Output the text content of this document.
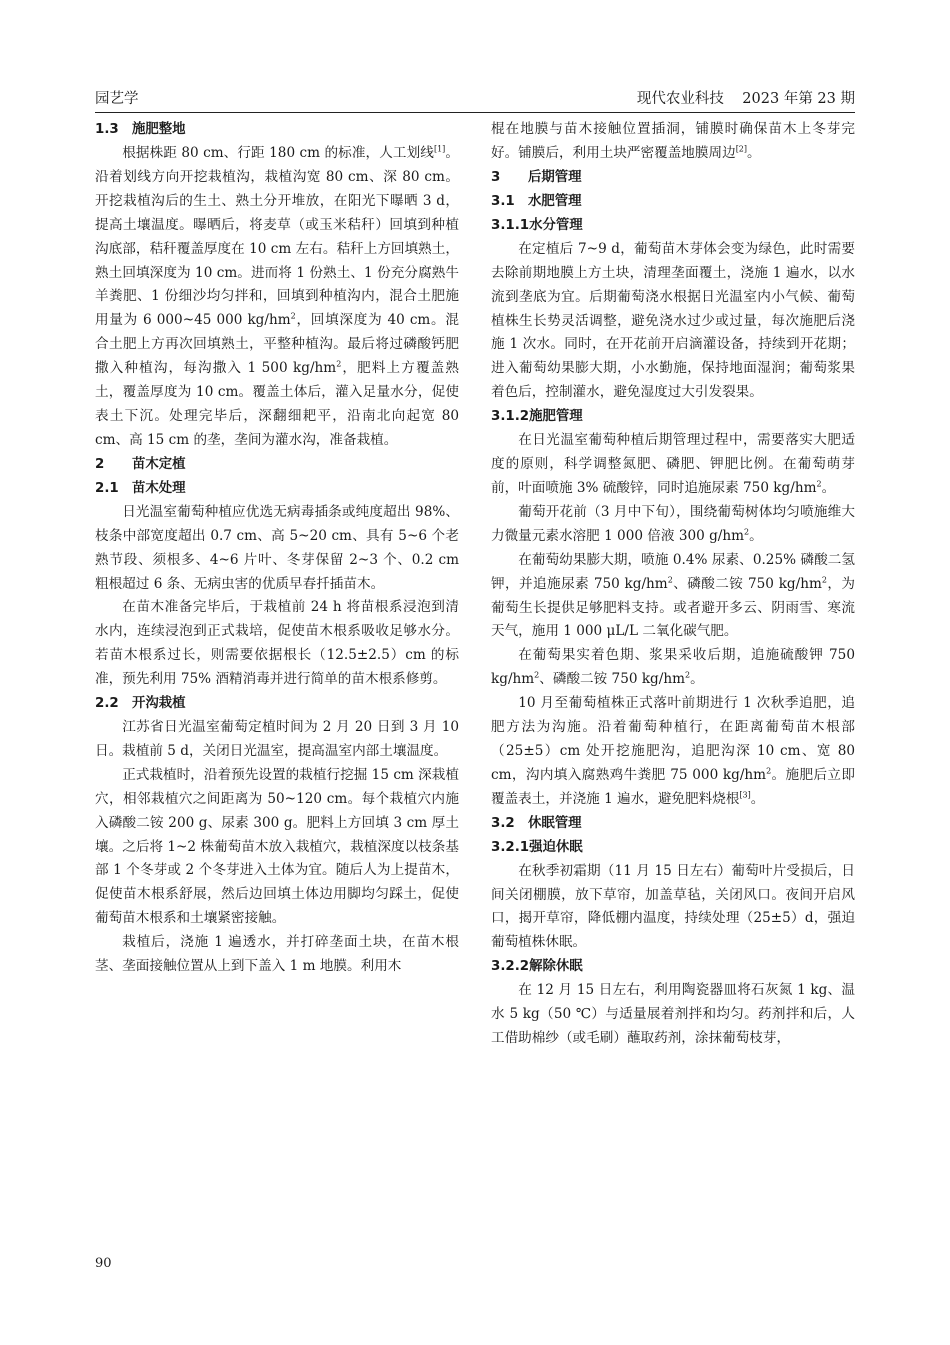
园艺学	现代农业科技    2023 年第 23 期
1.3 施肥整地

根据株距 80 cm、行距 180 cm 的标准，人工划线[1]。沿着划线方向开挖栽植沟，栽植沟宽 80 cm、深 80 cm。开挖栽植沟后的生土、熟土分开堆放，在阳光下曝晒 3 d，提高土壤温度。曝晒后，将麦草（或玉米秸秆）回填到种植沟底部，秸秆覆盖厚度在 10 cm 左右。秸秆上方回填熟土，熟土回填深度为 10 cm。进而将 1 份熟土、1 份充分腐熟牛羊粪肥、1 份细沙均匀拌和，回填到种植沟内，混合土肥施用量为 6 000~45 000 $kg/hm^2$，回填深度为 40 cm。混合土肥上方再次回填熟土，平整种植沟。最后将过磷酸钙肥撒入种植沟，每沟撒入 1 500 $kg/hm^2$，肥料上方覆盖熟土，覆盖厚度为 10 cm。覆盖土体后，灌入足量水分，促使表土下沉。处理完毕后，深翻细耙平，沿南北向起宽 80 cm、高 15 cm 的垄，垄间为灌水沟，准备栽植。

2 苗木定植
2.1 苗木处理

日光温室葡萄种植应优选无病毒插条或纯度超出 98%、枝条中部宽度超出 0.7 cm、高 5~20 cm、具有 5~6 个老熟节段、须根多、4~6 片叶、冬芽保留 2~3 个、0.2 cm 粗根超过 6 条、无病虫害的优质早春扦插苗木。

在苗木准备完毕后，于栽植前 24 h 将苗根系浸泡到清水内，连续浸泡到正式栽培，促使苗木根系吸收足够水分。若苗木根系过长，则需要依据根长（12.5±2.5）cm 的标准，预先利用 75% 酒精消毒并进行简单的苗木根系修剪。

2.2 开沟栽植

江苏省日光温室葡萄定植时间为 2 月 20 日到 3 月 10 日。栽植前 5 d，关闭日光温室，提高温室内部土壤温度。

正式栽植时，沿着预先设置的栽植行挖掘 15 cm 深栽植穴，相邻栽植穴之间距离为 50~120 cm。每个栽植穴内施入磷酸二铵 200 g、尿素 300 g。肥料上方回填 3 cm 厚土壤。之后将 1~2 株葡萄苗木放入栽植穴，栽植深度以枝条基部 1 个冬芽或 2 个冬芽进入土体为宜。随后人为上提苗木，促使苗木根系舒展，然后边回填土体边用脚均匀踩土，促使葡萄苗木根系和土壤紧密接触。

栽植后，浇施 1 遍透水，并打碎垄面土块，在苗木根茎、垄面接触位置从上到下盖入 1 m 地膜。利用木

棍在地膜与苗木接触位置插洞，铺膜时确保苗木上冬芽完好。铺膜后，利用土块严密覆盖地膜周边[2]。

3 后期管理
3.1 水肥管理
3.1.1水分管理

在定植后 7~9 d，葡萄苗木芽体会变为绿色，此时需要去除前期地膜上方土块，清理垄面覆土，浇施 1 遍水，以水流到垄底为宜。后期葡萄浇水根据日光温室内小气候、葡萄植株生长势灵活调整，避免浇水过少或过量，每次施肥后浇施 1 次水。同时，在开花前开启滴灌设备，持续到开花期；进入葡萄幼果膨大期，小水勤施，保持地面湿润；葡萄浆果着色后，控制灌水，避免湿度过大引发裂果。

3.1.2施肥管理

在日光温室葡萄种植后期管理过程中，需要落实大肥适度的原则，科学调整氮肥、磷肥、钾肥比例。在葡萄萌芽前，叶面喷施 3% 硫酸锌，同时追施尿素 750 $kg/hm^2$。

葡萄开花前（3 月中下旬），围绕葡萄树体均匀喷施维大力微量元素水溶肥 1 000 倍液 300 $g/hm^2$。

在葡萄幼果膨大期，喷施 0.4% 尿素、0.25% 磷酸二氢钾，并追施尿素 750 $kg/hm^2$、磷酸二铵 750 $kg/hm^2$，为葡萄生长提供足够肥料支持。或者避开多云、阴雨雪、寒流天气，施用 1 000 μL/L 二氧化碳气肥。

在葡萄果实着色期、浆果采收后期，追施硫酸钾 750 $kg/hm^2$、磷酸二铵 750 $kg/hm^2$。

10 月至葡萄植株正式落叶前期进行 1 次秋季追肥，追肥方法为沟施。沿着葡萄种植行，在距离葡萄苗木根部（25±5）cm 处开挖施肥沟，追肥沟深 10 cm、宽 80 cm，沟内填入腐熟鸡牛粪肥 75 000 $kg/hm^2$。施肥后立即覆盖表土，并浇施 1 遍水，避免肥料烧根[3]。

3.2 休眠管理
3.2.1强迫休眠

在秋季初霜期（11 月 15 日左右）葡萄叶片受损后，日间关闭棚膜，放下草帘，加盖草毡，关闭风口。夜间开启风口，揭开草帘，降低棚内温度，持续处理（25±5）d，强迫葡萄植株休眠。

3.2.2解除休眠

在 12 月 15 日左右，利用陶瓷器皿将石灰氮 1 kg、温水 5 kg（50 ℃）与适量展着剂拌和均匀。药剂拌和后，人工借助棉纱（或毛刷）蘸取药剂，涂抹葡萄枝芽，

90
